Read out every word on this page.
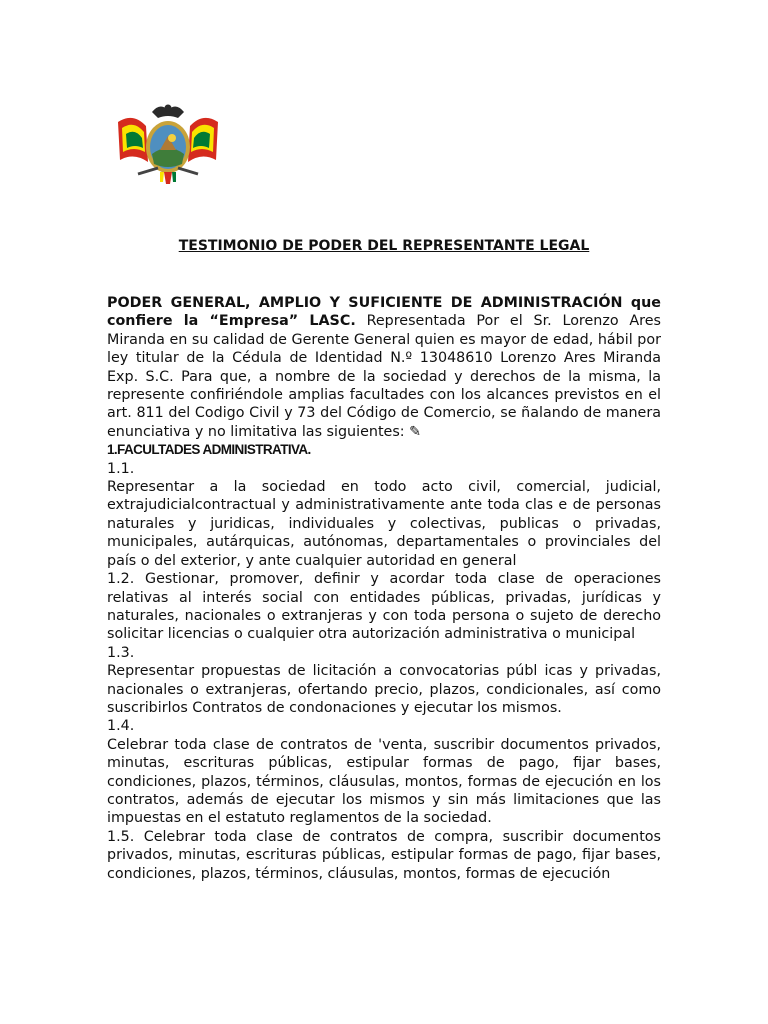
TESTIMONIO DE PODER DEL REPRESENTANTE LEGAL

PODER GENERAL, AMPLIO Y SUFICIENTE DE ADMINISTRACIÓN que confiere la “Empresa” LASC. Representada Por el Sr. Lorenzo Ares Miranda en su calidad de Gerente General quien es mayor de edad, hábil por ley titular de la Cédula de Identidad N.º 13048610 Lorenzo Ares Miranda Exp. S.C. Para que, a nombre de la sociedad y derechos de la misma, la represente confiriéndole amplias facultades con los alcances previstos en el art. 811 del Codigo Civil y 73 del Código de Comercio, se ñalando de manera enunciativa y no limitativa las siguientes: ✎

1.FACULTADES ADMINISTRATIVA.

1.1.

Representar a la sociedad en todo acto civil, comercial, judicial, extrajudicialcontractual y administrativamente ante toda clas e de personas naturales y juridicas, individuales y colectivas, publicas o privadas, municipales, autárquicas, autónomas, departamentales o provinciales del país o del exterior, y ante cualquier autoridad en general

1.2. Gestionar, promover, definir y acordar toda clase de operaciones relativas al interés social con entidades públicas, privadas, jurídicas y naturales, nacionales o extranjeras y con toda persona o sujeto de derecho solicitar licencias o cualquier otra autorización administrativa o municipal

1.3.

Representar propuestas de licitación a convocatorias públ icas y privadas, nacionales o extranjeras, ofertando precio, plazos, condicionales, así como suscribirlos Contratos de condonaciones y ejecutar los mismos.

1.4.

Celebrar toda clase de contratos de 'venta, suscribir documentos privados, minutas, escrituras públicas, estipular formas de pago, fijar bases, condiciones, plazos, términos, cláusulas, montos, formas de ejecución en los contratos, además de ejecutar los mismos y sin más limitaciones que las impuestas en el estatuto reglamentos de la sociedad.

1.5. Celebrar toda clase de contratos de compra, suscribir documentos privados, minutas, escrituras públicas, estipular formas de pago, fijar bases, condiciones, plazos, términos, cláusulas, montos, formas de ejecución
